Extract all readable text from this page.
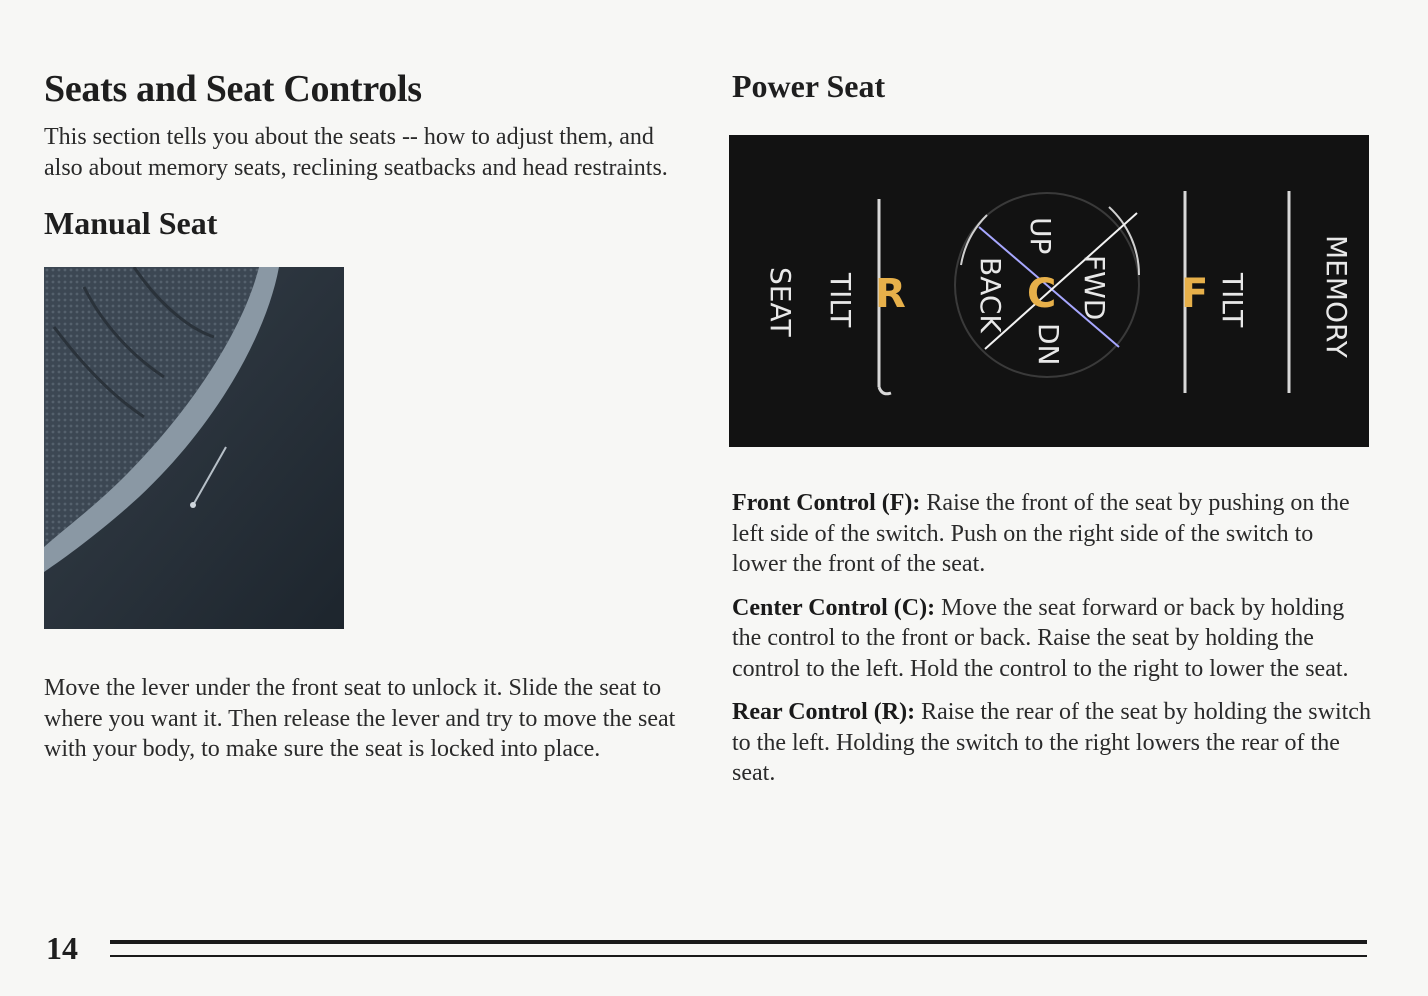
Seats and Seat Controls

This section tells you about the seats -- how to adjust them, and also about memory seats, reclining seatbacks and head restraints.

Manual Seat

Move the lever under the front seat to unlock it. Slide the seat to where you want it. Then release the lever and try to move the seat with your body, to make sure the seat is locked into place.

Power Seat
SEAT TILT R BACK
UP
C FWD
DN
F TILT	MEMORY

Front Control (F): Raise the front of the seat by pushing on the left side of the switch. Push on the right side of the switch to lower the front of the seat.

Center Control (C): Move the seat forward or back by holding the control to the front or back. Raise the seat by holding the control to the left. Hold the control to the right to lower the seat.

Rear Control (R): Raise the rear of the seat by holding the switch to the left. Holding the switch to the right lowers the rear of the seat.

14
